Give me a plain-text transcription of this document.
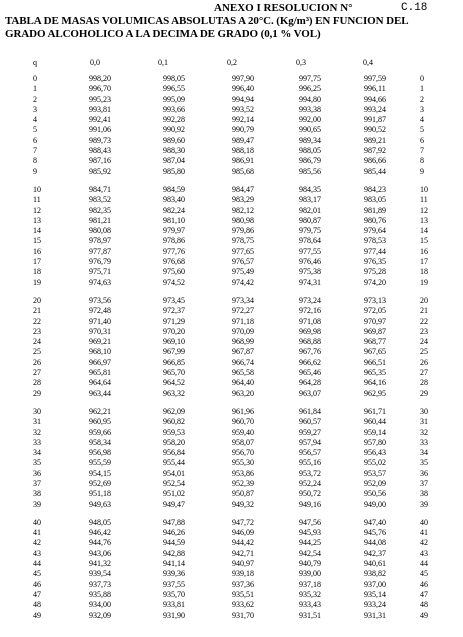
ANEXO I RESOLUCION N°	C.18
TABLA DE MASAS VOLUMICAS ABSOLUTAS A 20°C. (Kg/m³) EN FUNCION DEL
GRADO ALCOHOLICO A LA DECIMA DE GRADO (0,1 % VOL)
q	0,0	0,1	0,2	0,3	0,4
0	998,20	998,05	997,90	997,75	997,59	0
1	996,70	996,55	996,40	996,25	996,11	1
2	995,23	995,09	994,94	994,80	994,66	2
3	993,81	993,66	993,52	993,38	993,24	3
4	992,41	992,28	992,14	992,00	991,87	4
5	991,06	990,92	990,79	990,65	990,52	5
6	989,73	989,60	989,47	989,34	989,21	6
7	988,43	988,30	988,18	988,05	987,92	7
8	987,16	987,04	986,91	986,79	986,66	8
9	985,92	985,80	985,68	985,56	985,44	9
10	984,71	984,59	984,47	984,35	984,23	10
11	983,52	983,40	983,29	983,17	983,05	11
12	982,35	982,24	982,12	982,01	981,89	12
13	981,21	981,10	980,98	980,87	980,76	13
14	980,08	979,97	979,86	979,75	979,64	14
15	978,97	978,86	978,75	978,64	978,53	15
16	977,87	977,76	977,65	977,55	977,44	16
17	976,79	976,68	976,57	976,46	976,35	17
18	975,71	975,60	975,49	975,38	975,28	18
19	974,63	974,52	974,42	974,31	974,20	19
20	973,56	973,45	973,34	973,24	973,13	20
21	972,48	972,37	972,27	972,16	972,05	21
22	971,40	971,29	971,18	971,08	970,97	22
23	970,31	970,20	970,09	969,98	969,87	23
24	969,21	969,10	968,99	968,88	968,77	24
25	968,10	967,99	967,87	967,76	967,65	25
26	966,97	966,85	966,74	966,62	966,51	26
27	965,81	965,70	965,58	965,46	965,35	27
28	964,64	964,52	964,40	964,28	964,16	28
29	963,44	963,32	963,20	963,07	962,95	29
30	962,21	962,09	961,96	961,84	961,71	30
31	960,95	960,82	960,70	960,57	960,44	31
32	959,66	959,53	959,40	959,27	959,14	32
33	958,34	958,20	958,07	957,94	957,80	33
34	956,98	956,84	956,70	956,57	956,43	34
35	955,59	955,44	955,30	955,16	955,02	35
36	954,15	954,01	953,86	953,72	953,57	36
37	952,69	952,54	952,39	952,24	952,09	37
38	951,18	951,02	950,87	950,72	950,56	38
39	949,63	949,47	949,32	949,16	949,00	39
40	948,05	947,88	947,72	947,56	947,40	40
41	946,42	946,26	946,09	945,93	945,76	41
42	944,76	944,59	944,42	944,25	944,08	42
43	943,06	942,88	942,71	942,54	942,37	43
44	941,32	941,14	940,97	940,79	940,61	44
45	939,54	939,36	939,18	939,00	938,82	45
46	937,73	937,55	937,36	937,18	937,00	46
47	935,88	935,70	935,51	935,32	935,14	47
48	934,00	933,81	933,62	933,43	933,24	48
49	932,09	931,90	931,70	931,51	931,31	49
